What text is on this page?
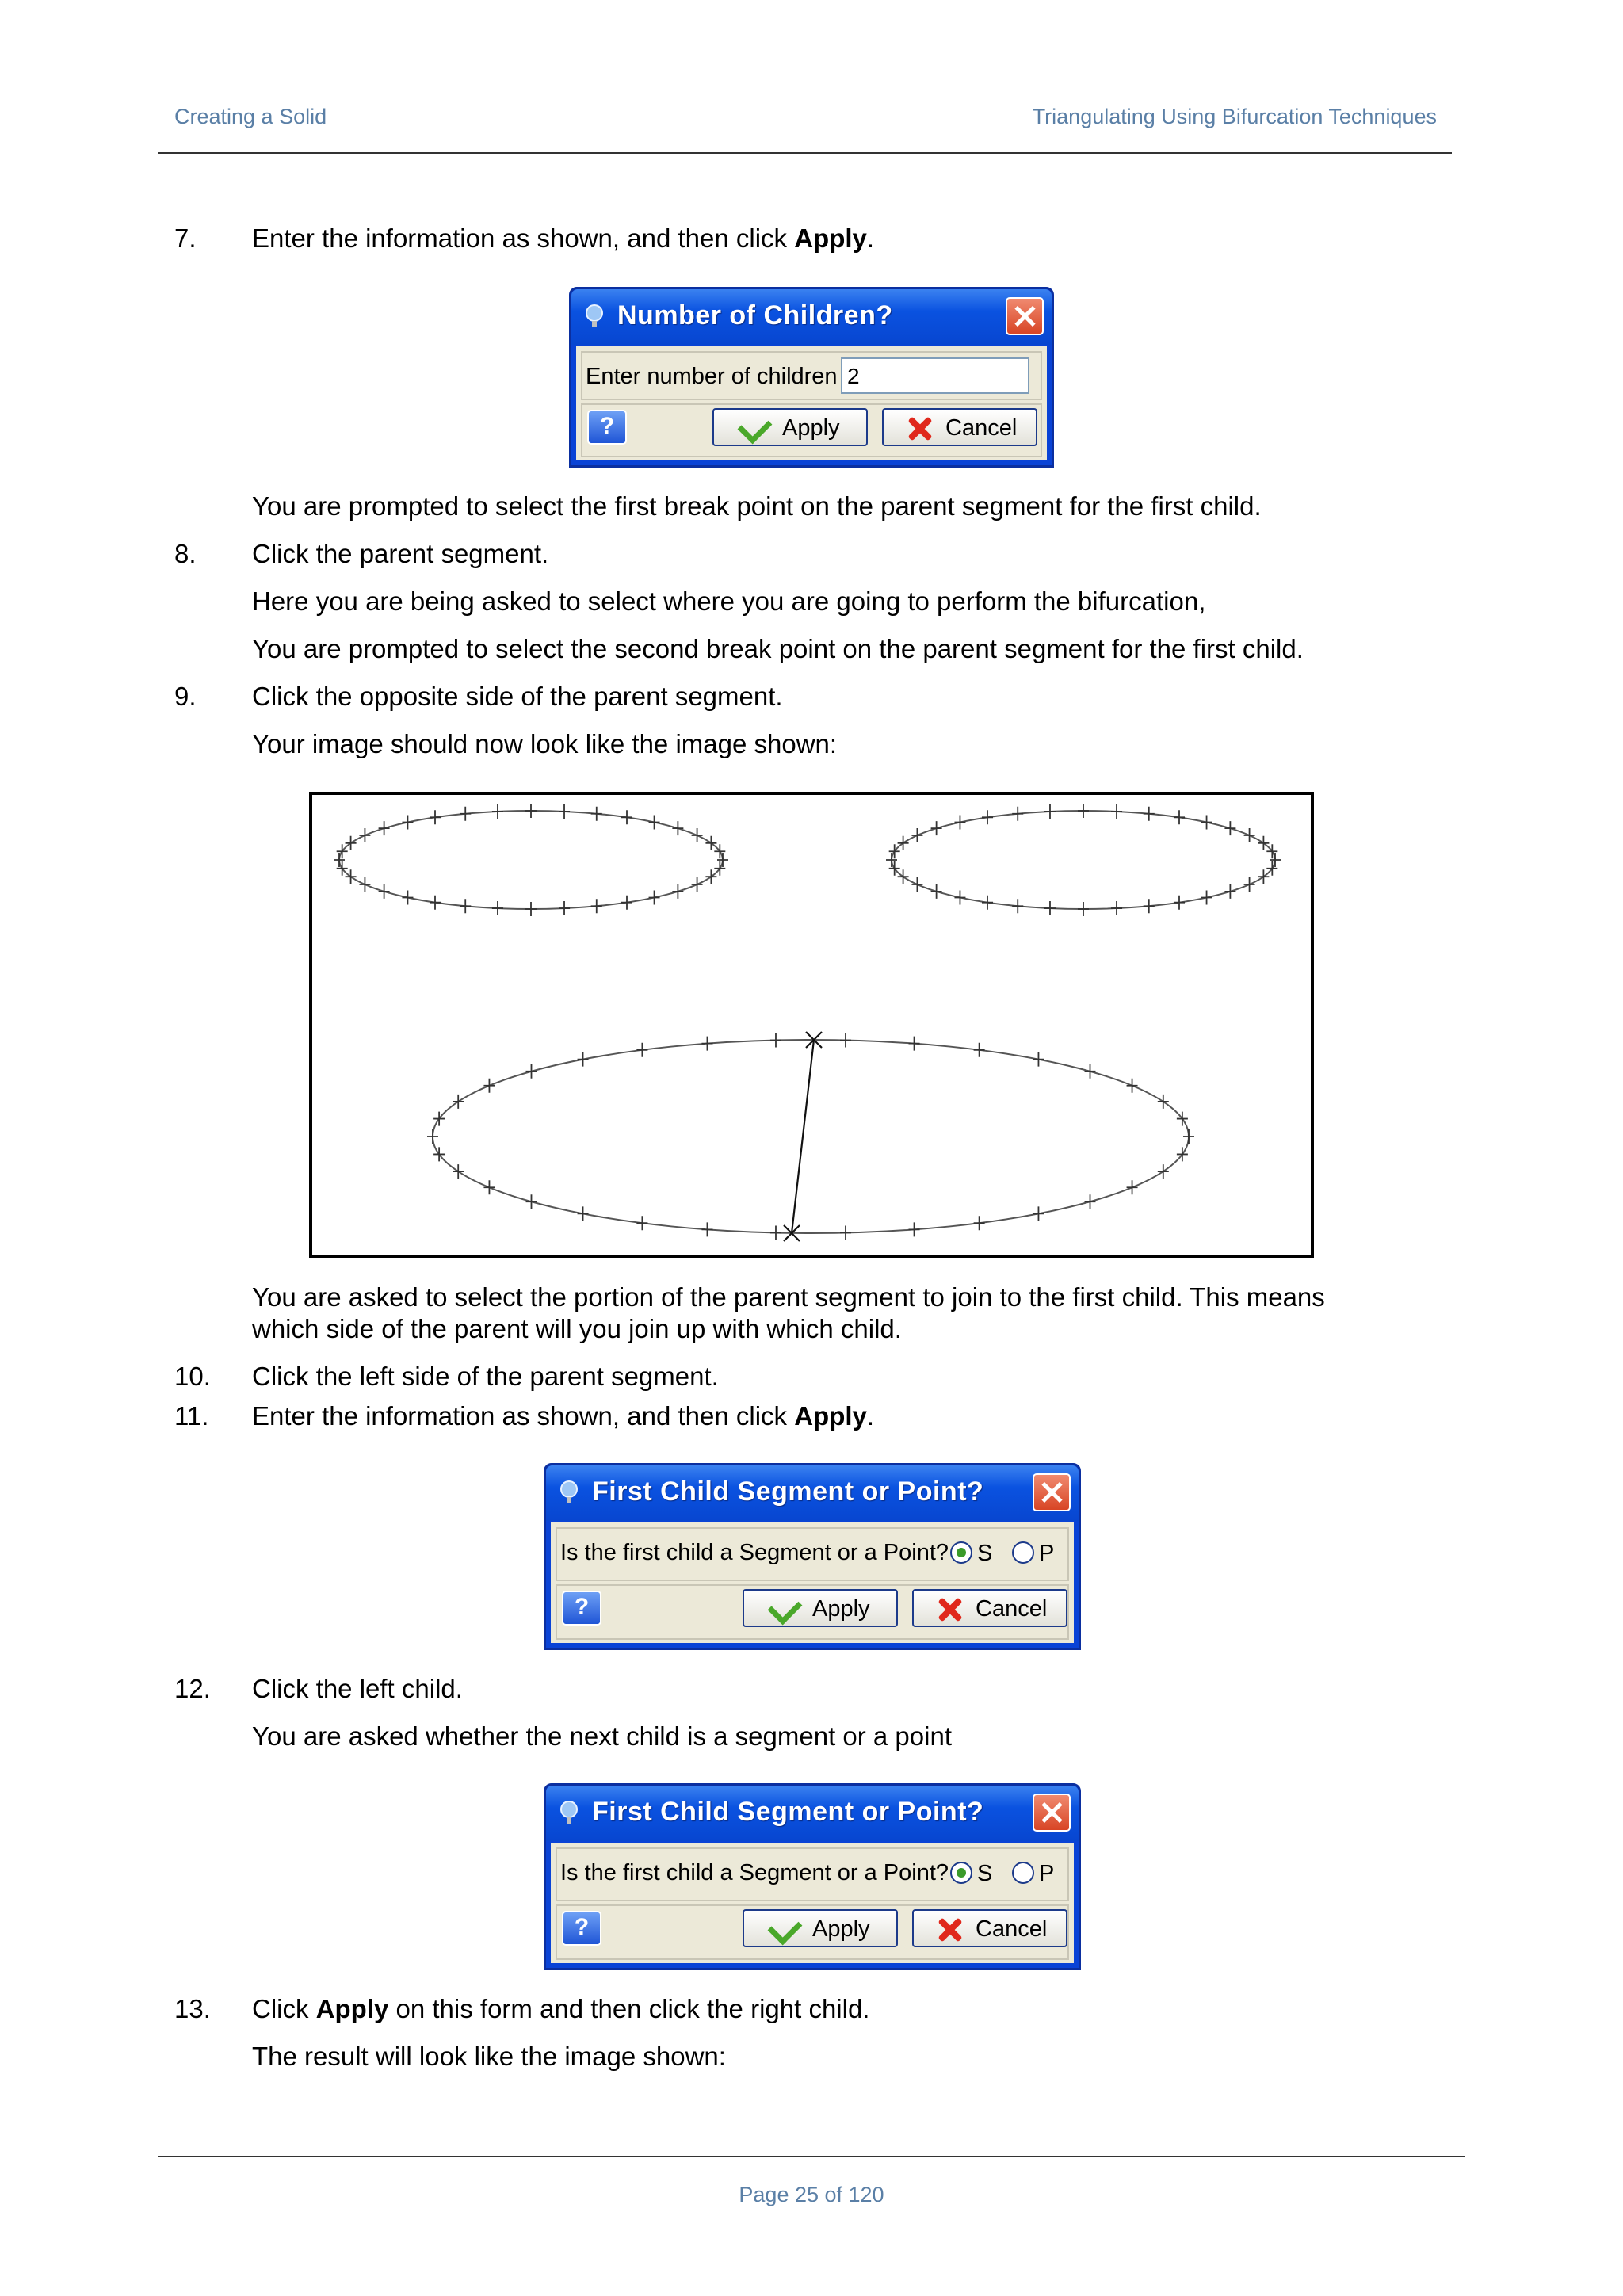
Creating a Solid	Triangulating Using Bifurcation Techniques
7. Enter the information as shown, and then click Apply.
Number of Children?
Enter number of children 2
?	Apply	Cancel
You are prompted to select the first break point on the parent segment for the first child.
8. Click the parent segment.
Here you are being asked to select where you are going to perform the bifurcation,
You are prompted to select the second break point on the parent segment for the first child.
9. Click the opposite side of the parent segment.
Your image should now look like the image shown:
You are asked to select the portion of the parent segment to join to the first child. This means
which side of the parent will you join up with which child.
10. Click the left side of the parent segment.
11. Enter the information as shown, and then click Apply.
First Child Segment or Point?
Is the first child a Segment or a Point? S P
?	Apply	Cancel
12. Click the left child.
You are asked whether the next child is a segment or a point
First Child Segment or Point?
Is the first child a Segment or a Point? S P
?	Apply	Cancel
13. Click Apply on this form and then click the right child.
The result will look like the image shown:
Page 25 of 120
